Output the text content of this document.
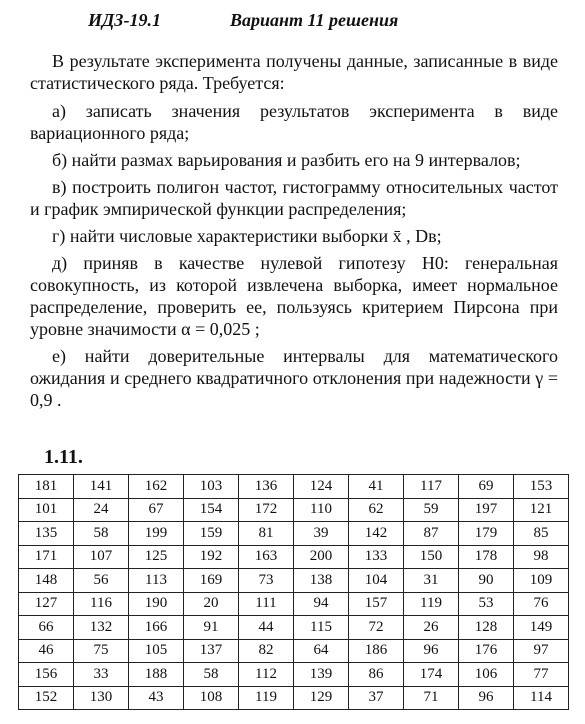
ИДЗ-19.1	Вариант 11 решения

В результате эксперимента получены данные, записанные в виде статистического ряда. Требуется:

а) записать значения результатов эксперимента в виде вариационного ряда;

б) найти размах варьирования и разбить его на 9 интервалов;

в) построить полигон частот, гистограмму относительных частот и график эмпирической функции распределения;

г) найти числовые характеристики выборки x̄ , Dв;

д) приняв в качестве нулевой гипотезу H0: генеральная совокупность, из которой извлечена выборка, имеет нормальное распределение, проверить ее, пользуясь критерием Пирсона при уровне значимости α = 0,025 ;

е) найти доверительные интервалы для математического ожидания и среднего квадратичного отклонения при надежности γ = 0,9 .

1.11.
181	141	162	103	136	124	41	117	69	153
101	24	67	154	172	110	62	59	197	121
135	58	199	159	81	39	142	87	179	85
171	107	125	192	163	200	133	150	178	98
148	56	113	169	73	138	104	31	90	109
127	116	190	20	111	94	157	119	53	76
66	132	166	91	44	115	72	26	128	149
46	75	105	137	82	64	186	96	176	97
156	33	188	58	112	139	86	174	106	77
152	130	43	108	119	129	37	71	96	114
